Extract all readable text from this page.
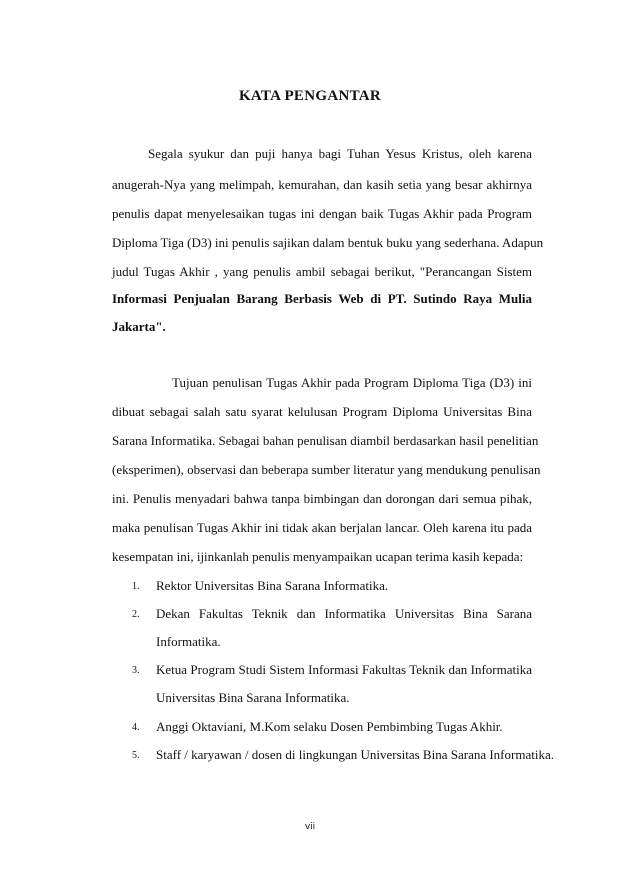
KATA PENGANTAR
Segala syukur dan puji hanya bagi Tuhan Yesus Kristus, oleh karena
anugerah-Nya yang melimpah, kemurahan, dan kasih setia yang besar akhirnya
penulis dapat menyelesaikan tugas ini dengan baik Tugas Akhir pada Program
Diploma Tiga (D3) ini penulis sajikan dalam bentuk buku yang sederhana. Adapun
judul Tugas Akhir , yang penulis ambil sebagai berikut, "Perancangan Sistem
Informasi Penjualan Barang Berbasis Web di PT. Sutindo Raya Mulia
Jakarta".
Tujuan penulisan Tugas Akhir pada Program Diploma Tiga (D3) ini
dibuat sebagai salah satu syarat kelulusan Program Diploma Universitas Bina
Sarana Informatika. Sebagai bahan penulisan diambil berdasarkan hasil penelitian
(eksperimen), observasi dan beberapa sumber literatur yang mendukung penulisan
ini. Penulis menyadari bahwa tanpa bimbingan dan dorongan dari semua pihak,
maka penulisan Tugas Akhir ini tidak akan berjalan lancar. Oleh karena itu pada
kesempatan ini, ijinkanlah penulis menyampaikan ucapan terima kasih kepada:
1. Rektor Universitas Bina Sarana Informatika.
2. Dekan Fakultas Teknik dan Informatika Universitas Bina Sarana
Informatika.
3. Ketua Program Studi Sistem Informasi Fakultas Teknik dan Informatika
Universitas Bina Sarana Informatika.
4. Anggi Oktaviani, M.Kom selaku Dosen Pembimbing Tugas Akhir.
5. Staff / karyawan / dosen di lingkungan Universitas Bina Sarana Informatika.
vii
